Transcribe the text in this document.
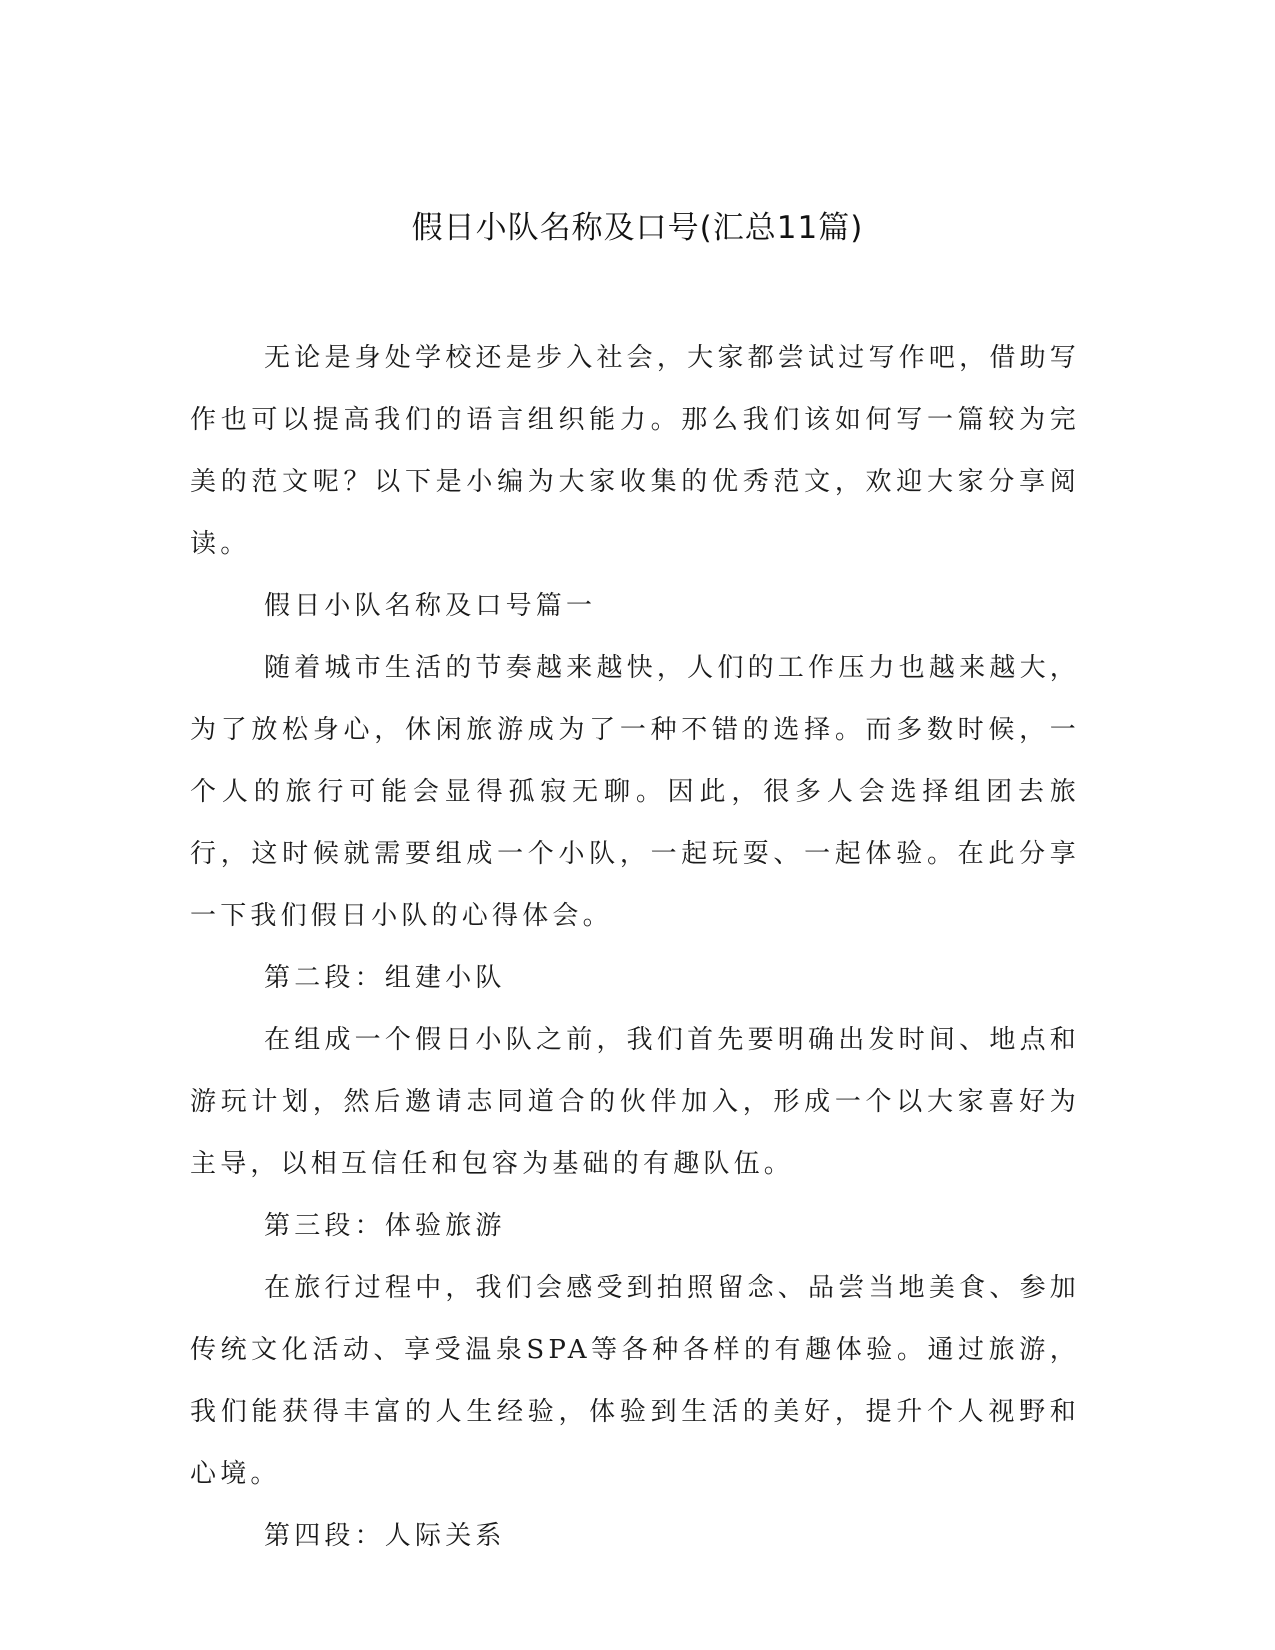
假日小队名称及口号(汇总11篇)

无论是身处学校还是步入社会，大家都尝试过写作吧，借助写作也可以提高我们的语言组织能力。那么我们该如何写一篇较为完美的范文呢？以下是小编为大家收集的优秀范文，欢迎大家分享阅读。

假日小队名称及口号篇一

随着城市生活的节奏越来越快，人们的工作压力也越来越大，为了放松身心，休闲旅游成为了一种不错的选择。而多数时候，一个人的旅行可能会显得孤寂无聊。因此，很多人会选择组团去旅行，这时候就需要组成一个小队，一起玩耍、一起体验。在此分享一下我们假日小队的心得体会。

第二段：组建小队

在组成一个假日小队之前，我们首先要明确出发时间、地点和游玩计划，然后邀请志同道合的伙伴加入，形成一个以大家喜好为主导，以相互信任和包容为基础的有趣队伍。

第三段：体验旅游

在旅行过程中，我们会感受到拍照留念、品尝当地美食、参加传统文化活动、享受温泉SPA等各种各样的有趣体验。通过旅游，我们能获得丰富的人生经验，体验到生活的美好，提升个人视野和心境。

第四段：人际关系
